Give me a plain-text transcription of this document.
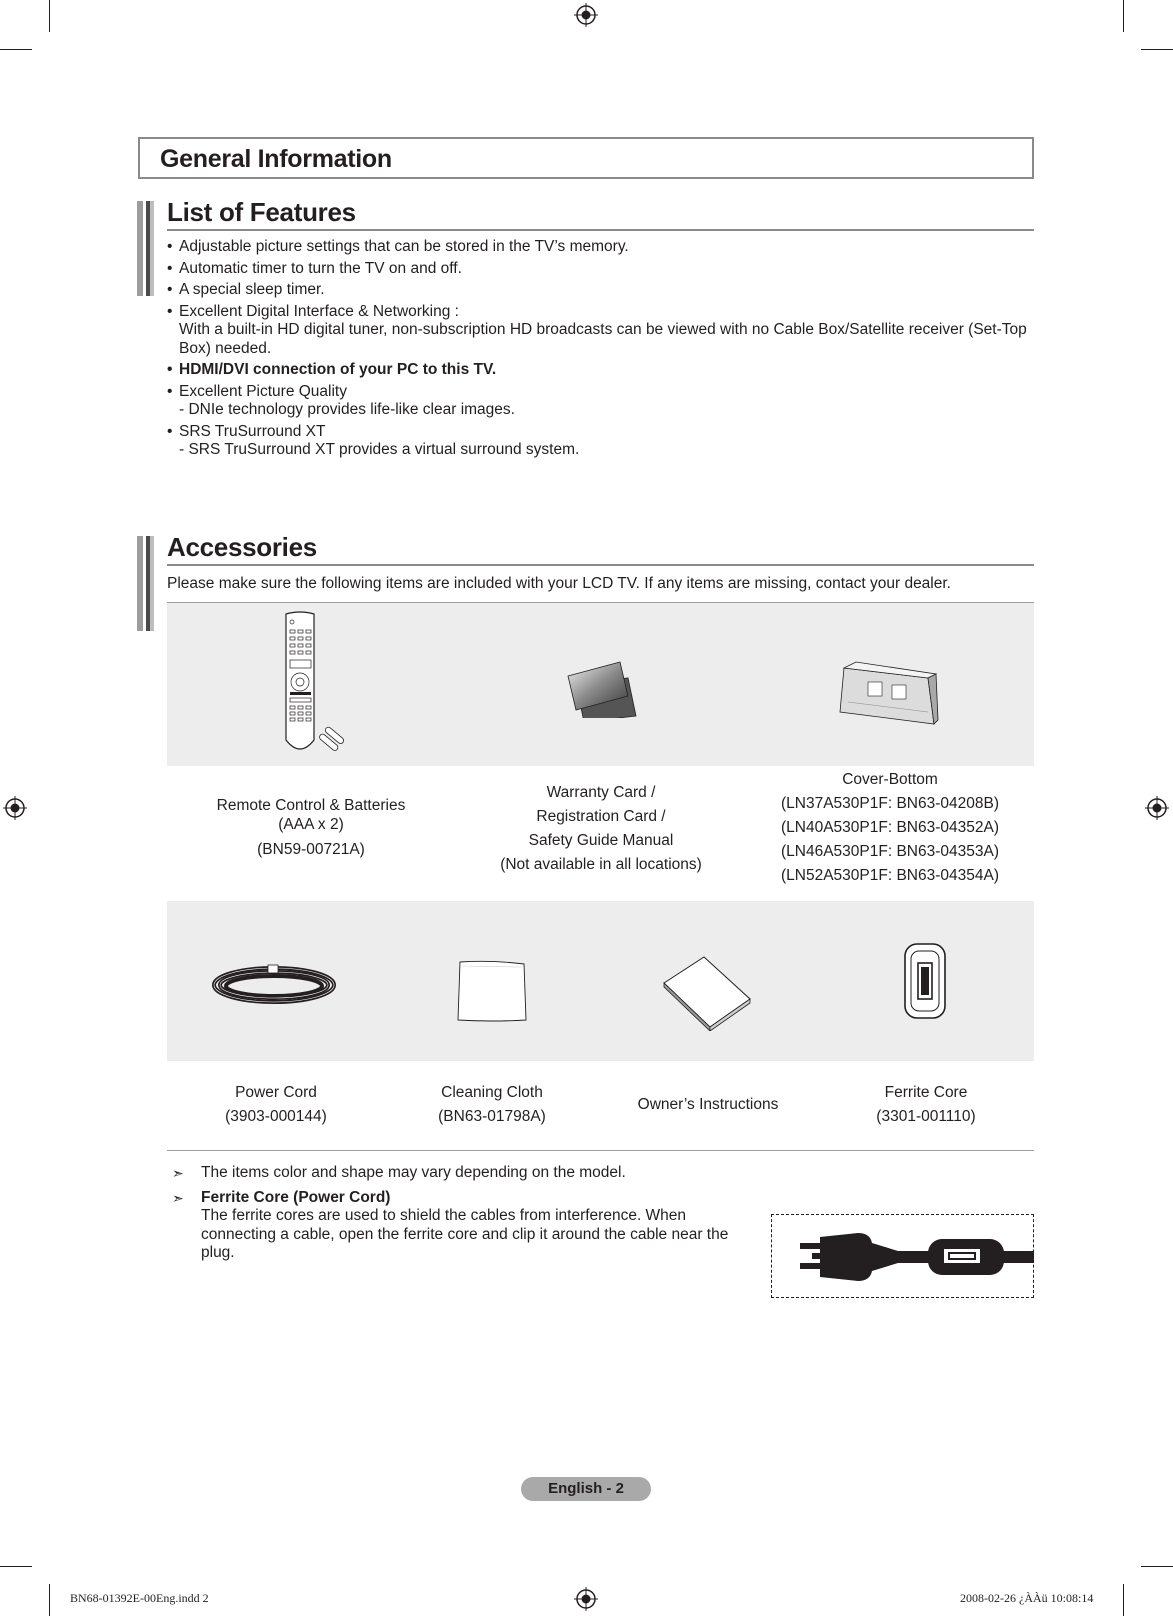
General Information
List of Features
• Adjustable picture settings that can be stored in the TV’s memory.
• Automatic timer to turn the TV on and off.
• A special sleep timer.
• Excellent Digital Interface & Networking :
With a built-in HD digital tuner, non-subscription HD broadcasts can be viewed with no Cable Box/Satellite receiver (Set-Top Box) needed.
• HDMI/DVI connection of your PC to this TV.
• Excellent Picture Quality
- DNIe technology provides life-like clear images.
• SRS TruSurround XT
- SRS TruSurround XT provides a virtual surround system.
Accessories
Please make sure the following items are included with your LCD TV. If any items are missing, contact your dealer.
Remote Control & Batteries
(AAA x 2)
(BN59-00721A)
Warranty Card /
Registration Card /
Safety Guide Manual
(Not available in all locations)
Cover-Bottom
(LN37A530P1F: BN63-04208B)
(LN40A530P1F: BN63-04352A)
(LN46A530P1F: BN63-04353A)
(LN52A530P1F: BN63-04354A)
Power Cord
(3903-000144)
Cleaning Cloth
(BN63-01798A)
Owner’s Instructions
Ferrite Core
(3301-001110)
➣ The items color and shape may vary depending on the model.
➣ Ferrite Core (Power Cord)
The ferrite cores are used to shield the cables from interference. When connecting a cable, open the ferrite core and clip it around the cable near the plug.
English - 2
BN68-01392E-00Eng.indd 2	2008-02-26 ¿ÀÀü 10:08:14
